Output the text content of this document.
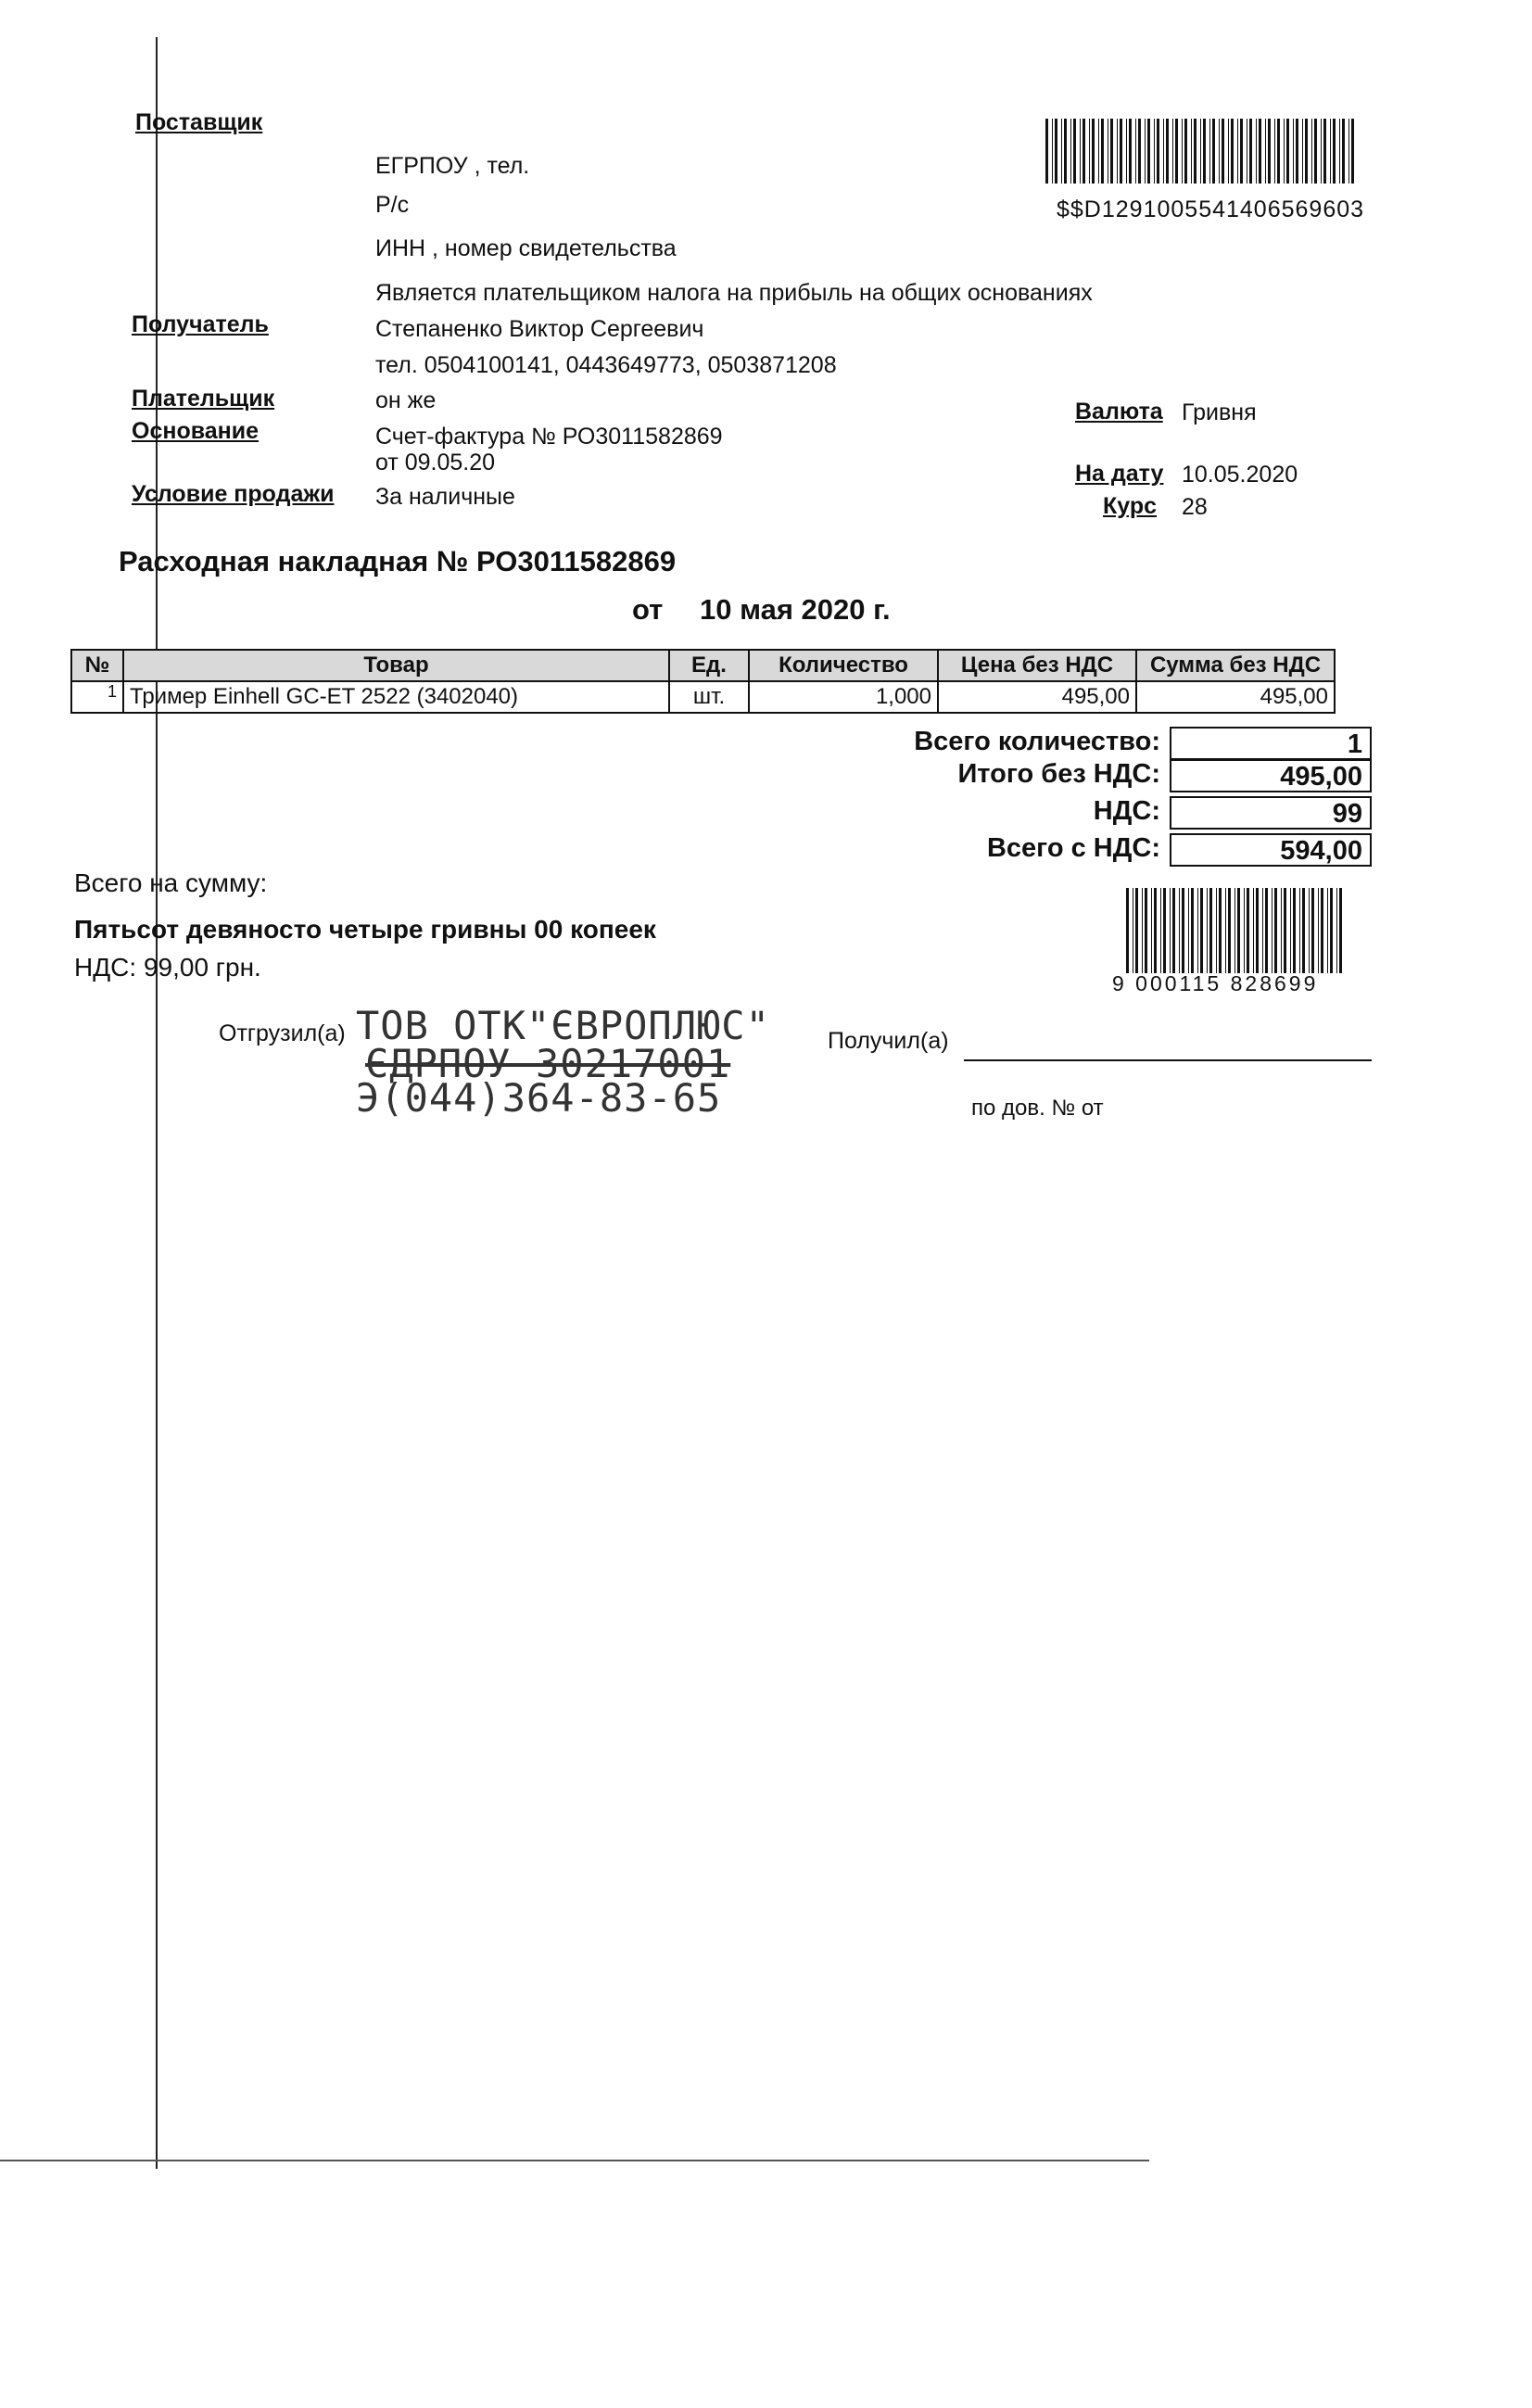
Поставщик
ЕГРПОУ , тел.
Р/с
ИНН , номер свидетельства
Является плательщиком налога на прибыль на общих основаниях
$$D1291005541406569603
Получатель	Степаненко Виктор Сергеевич
тел. 0504100141, 0443649773, 0503871208
Плательщик	он же
Основание	Счет-фактура № РО3011582869
от 09.05.20
Условие продажи За наличные
Валюта Гривня
На дату 10.05.2020
Курс 28
Расходная накладная № РО3011582869
от 10 мая 2020 г.
№	Товар	Ед.	Количество	Цена без НДС	Сумма без НДС
1	Тример Einhell GC-ET 2522 (3402040)	шт.	1,000	495,00	495,00
Всего количество:	1
Итого без НДС:	495,00
НДС:	99
Всего с НДС:	594,00
Всего на сумму:
Пятьсот девяносто четыре гривны 00 копеек
НДС: 99,00 грн.
9 000115 828699
Отгрузил(а) ТОВ ОТК"ЄВРОПЛЮС"
ЄДРПОУ 30217001
Э(044)364-83-65
Получил(а)
по дов. № от
